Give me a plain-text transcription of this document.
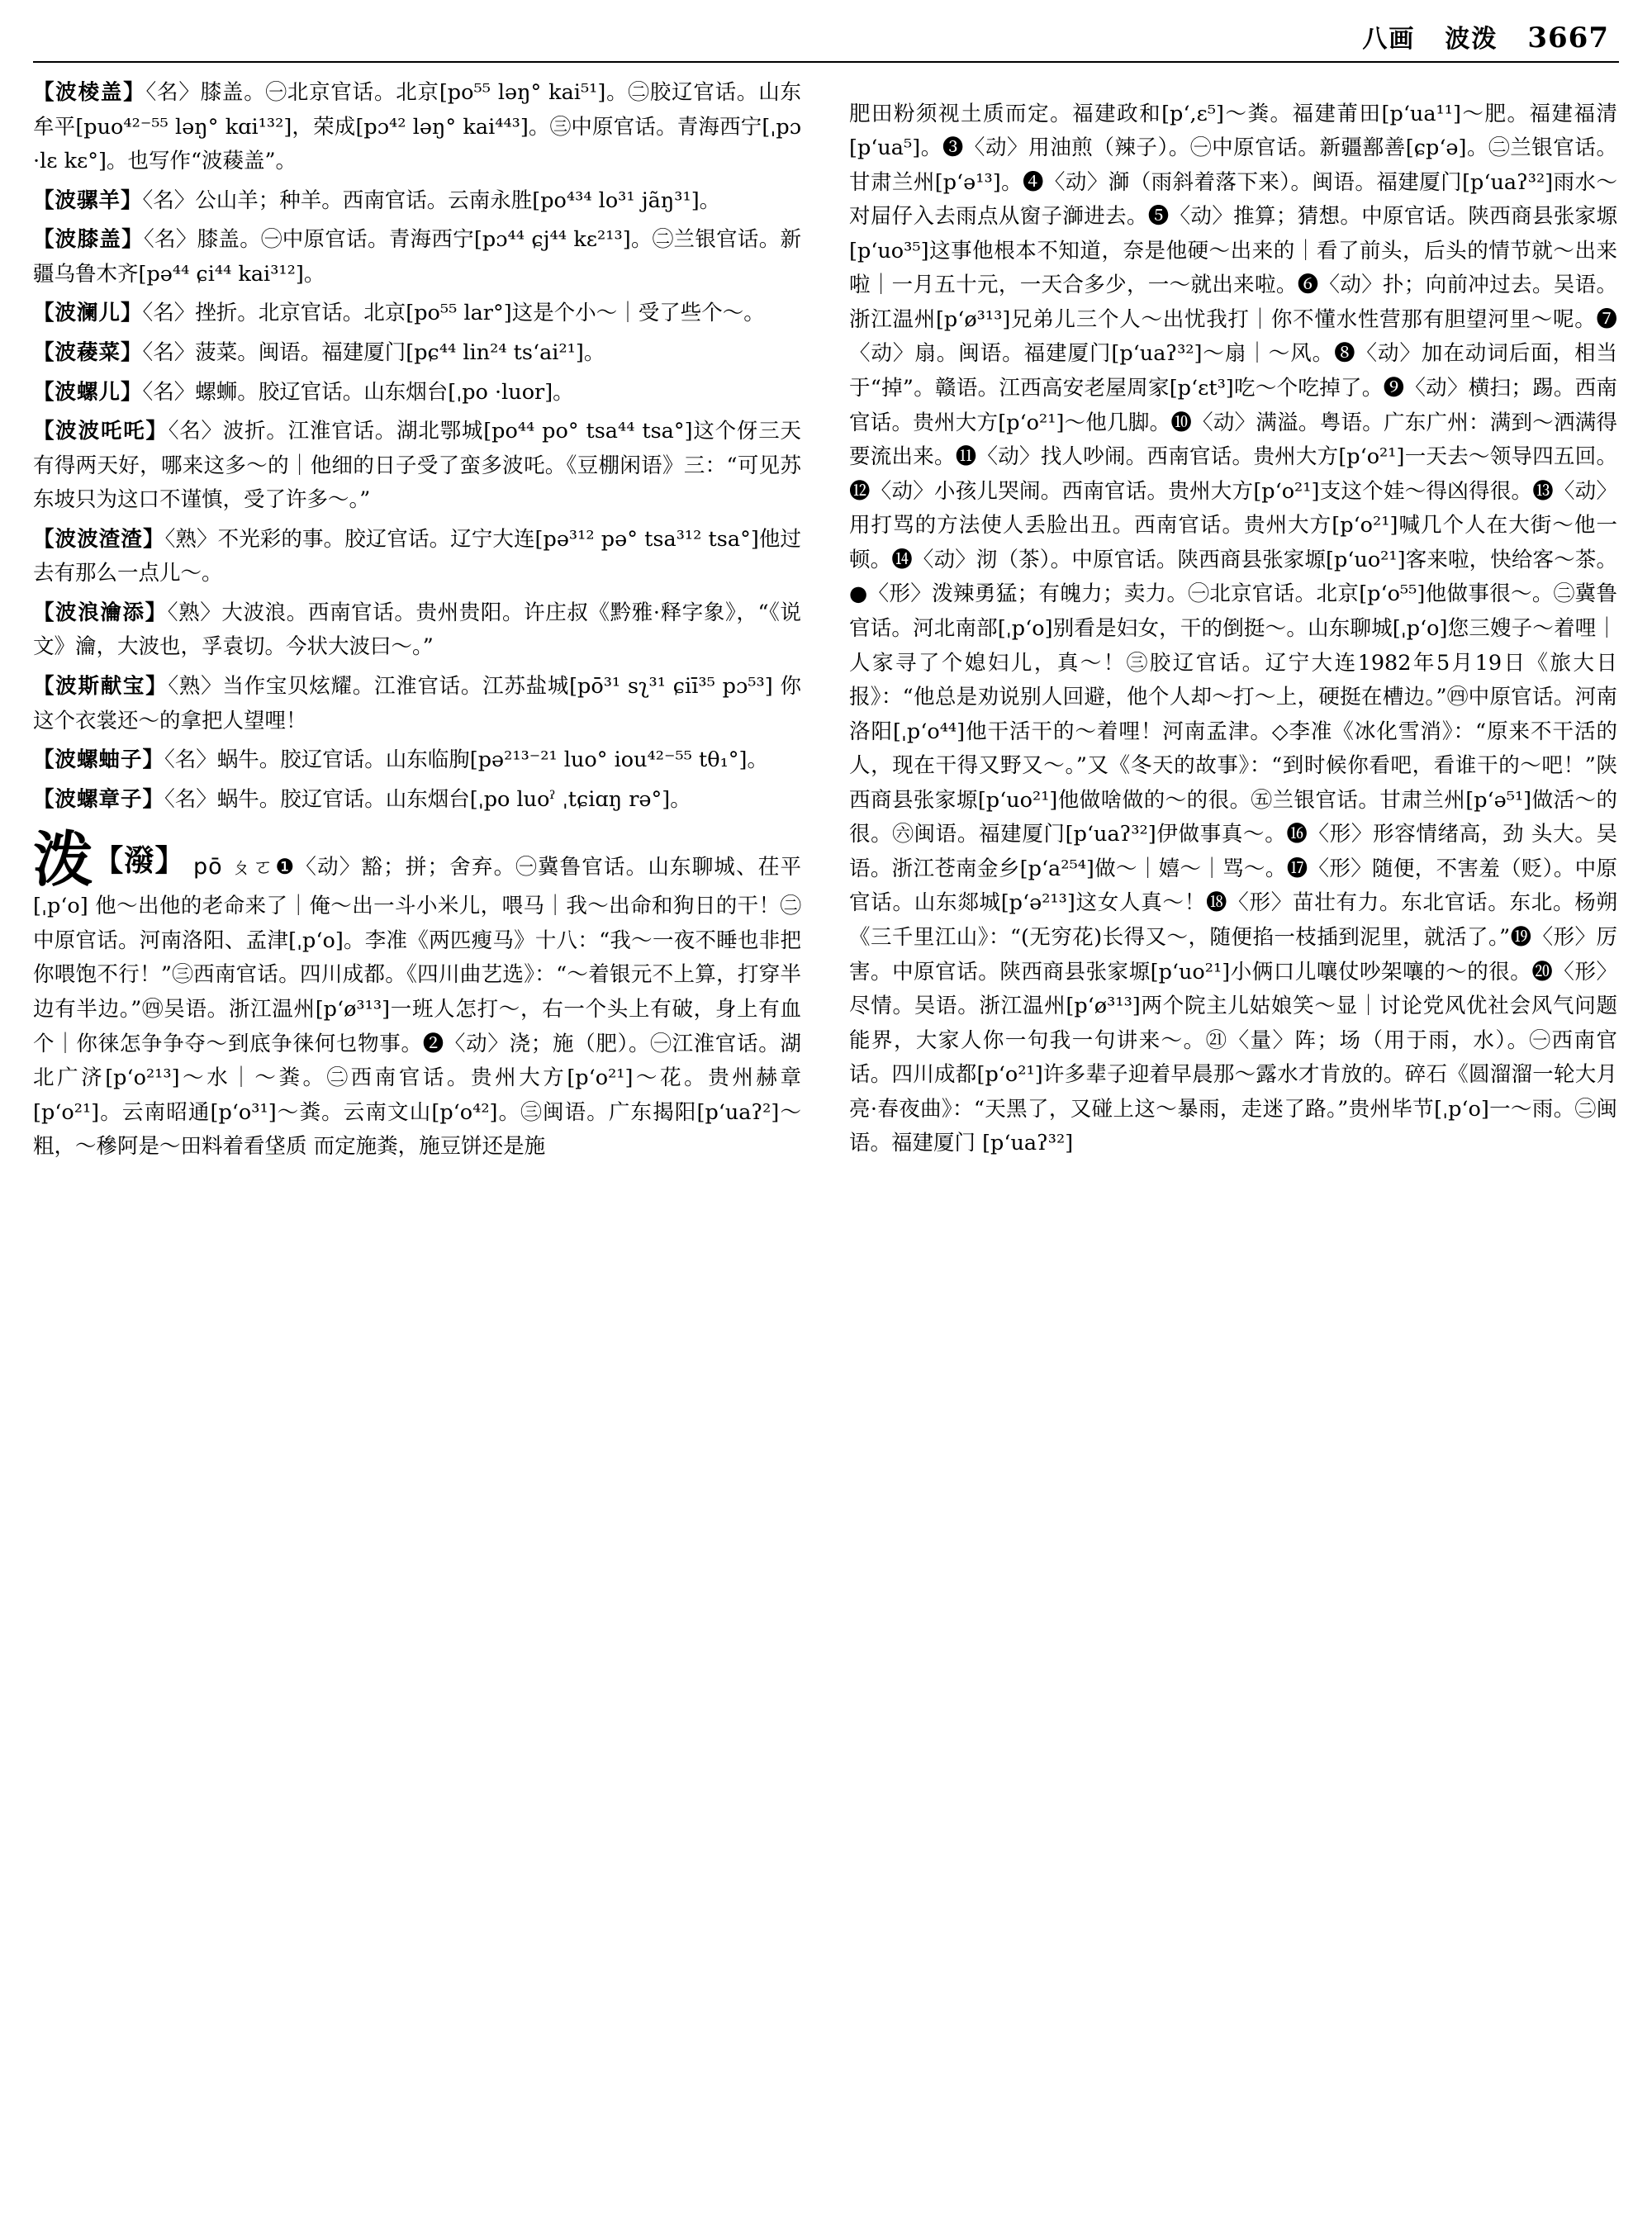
八画 波泼 3667

【波棱盖】〈名〉膝盖。㊀北京官话。北京[po⁵⁵ ləŋ° kai⁵¹]。㊁胶辽官话。山东牟平[puo⁴²⁻⁵⁵ ləŋ° kɑi¹³²]，荣成[pɔ⁴² ləŋ° kai⁴⁴³]。㊂中原官话。青海西宁[ˌpɔ ·lɛ kɛ°]。也写作“波薐盖”。

【波骡羊】〈名〉公山羊；种羊。西南官话。云南永胜[po⁴³⁴ lo³¹ jãŋ³¹]。

【波膝盖】〈名〉膝盖。㊀中原官话。青海西宁[pɔ⁴⁴ ɕj⁴⁴ kɛ²¹³]。㊁兰银官话。新疆乌鲁木齐[pə⁴⁴ ɕi⁴⁴ kai³¹²]。

【波澜儿】〈名〉挫折。北京官话。北京[po⁵⁵ lar°]这是个小～｜受了些个～。

【波薐菜】〈名〉菠菜。闽语。福建厦门[pɕ⁴⁴ lin²⁴ tsʻai²¹]。

【波螺儿】〈名〉螺蛳。胶辽官话。山东烟台[ˌpo ·luor]。

【波波吒吒】〈名〉波折。江淮官话。湖北鄂城[po⁴⁴ po° tsa⁴⁴ tsa°]这个伢三天有得两天好，哪来这多～的｜他细的日子受了蛮多波吒。《豆棚闲语》三：“可见苏东坡只为这口不谨慎，受了许多～。”

【波波渣渣】〈熟〉不光彩的事。胶辽官话。辽宁大连[pə³¹² pə° tsa³¹² tsa°]他过去有那么一点儿～。

【波浪瀹添】〈熟〉大波浪。西南官话。贵州贵阳。许庄叔《黔雅·释字象》，“《说文》瀹，大波也，孚袁切。今状大波曰～。”

【波斯献宝】〈熟〉当作宝贝炫耀。江淮官话。江苏盐城[pō³¹ sʅ³¹ ɕiī³⁵ pɔ⁵³] 你这个衣裳还～的拿把人望哩！

【波螺蚰子】〈名〉蜗牛。胶辽官话。山东临朐[pə²¹³⁻²¹ luo° iou⁴²⁻⁵⁵ tθ₁°]。

【波螺章子】〈名〉蜗牛。胶辽官话。山东烟台[ˌpo luoˀ ˌtɕiɑŋ rə°]。

泼【潑】 pō ㄆㄛ❶〈动〉豁；拼；舍弃。㊀冀鲁官话。山东聊城、茌平[ˌpʻo] 他～出他的老命来了｜俺～出一斗小米儿，喂马｜我～出命和狗日的干！㊁中原官话。河南洛阳、孟津[ˌpʻo]。李准《两匹瘦马》十八：“我～一夜不睡也非把你喂饱不行！”㊂西南官话。四川成都。《四川曲艺选》：“～着银元不上算，打穿半边有半边。”㊃吴语。浙江温州[pʻø³¹³]一班人怎打～，右一个头上有破，身上有血个｜你徕怎争争夺～到底争徕何乜物事。❷〈动〉浇；施（肥）。㊀江淮官话。湖北广济[pʻo²¹³]～水｜～粪。㊁西南官话。贵州大方[pʻo²¹]～花。贵州赫章[pʻo²¹]。云南昭通[pʻo³¹]～粪。云南文山[pʻo⁴²]。㊂闽语。广东揭阳[pʻuaʔ²]～粗，～穇阿是～田料着看垡质 而定施粪，施豆饼还是施

肥田粉须视土质而定。福建政和[pʻ,ɛ⁵]～粪。福建莆田[pʻua¹¹]～肥。福建福清[pʻua⁵]。❸〈动〉用油煎（辣子）。㊀中原官话。新疆鄯善[ɕpʻə]。㊁兰银官话。甘肃兰州[pʻə¹³]。❹〈动〉溮（雨斜着落下来）。闽语。福建厦门[pʻuaʔ³²]雨水～对屇仔入去雨点从窗子溮进去。❺〈动〉推算；猜想。中原官话。陕西商县张家塬[pʻuo³⁵]这事他根本不知道，奈是他硬～出来的｜看了前头，后头的情节就～出来啦｜一月五十元，一天合多少，一～就出来啦。❻〈动〉扑；向前冲过去。吴语。浙江温州[pʻø³¹³]兄弟儿三个人～出忧我打｜你不懂水性营那有胆望河里～呢。❼〈动〉扇。闽语。福建厦门[pʻuaʔ³²]～扇｜～风。❽〈动〉加在动词后面，相当于“掉”。赣语。江西高安老屋周家[pʻɛt³]吃～个吃掉了。❾〈动〉横扫；踢。西南官话。贵州大方[pʻo²¹]～他几脚。❿〈动〉满溢。粤语。广东广州：满到～洒满得要流出来。⓫〈动〉找人吵闹。西南官话。贵州大方[pʻo²¹]一天去～领导四五回。⓬〈动〉小孩儿哭闹。西南官话。贵州大方[pʻo²¹]支这个娃～得凶得很。⓭〈动〉用打骂的方法使人丢脸出丑。西南官话。贵州大方[pʻo²¹]喊几个人在大街～他一顿。⓮〈动〉沏（茶）。中原官话。陕西商县张家塬[pʻuo²¹]客来啦，快给客～茶。●〈形〉泼辣勇猛；有魄力；卖力。㊀北京官话。北京[pʻo⁵⁵]他做事很～。㊁冀鲁官话。河北南部[ˌpʻo]别看是妇女，干的倒挺～。山东聊城[ˌpʻo]您三嫂子～着哩｜人家寻了个媳妇儿，真～！㊂胶辽官话。辽宁大连1982年5月19日《旅大日报》：“他总是劝说别人回避，他个人却～打～上，硬挺在槽边。”㊃中原官话。河南洛阳[ˌpʻo⁴⁴]他干活干的～着哩！河南孟津。◇李准《冰化雪消》：“原来不干活的人，现在干得又野又～。”又《冬天的故事》：“到时候你看吧，看谁干的～吧！”陕西商县张家塬[pʻuo²¹]他做啥做的～的很。㊄兰银官话。甘肃兰州[pʻə⁵¹]做活～的很。㊅闽语。福建厦门[pʻuaʔ³²]伊做事真～。⓰〈形〉形容情绪高，劲 头大。吴语。浙江苍南金乡[pʻa²⁵⁴]做～｜嬉～｜骂～。⓱〈形〉随便，不害羞（贬）。中原官话。山东郯城[pʻə²¹³]这女人真～！⓲〈形〉苗壮有力。东北官话。东北。杨朔《三千里江山》：“(无穷花)长得又～，随便掐一枝插到泥里，就活了。”⓳〈形〉厉害。中原官话。陕西商县张家塬[pʻuo²¹]小俩口儿嚷仗吵架嚷的～的很。⓴〈形〉尽情。吴语。浙江温州[pʻø³¹³]两个院主儿姑娘笑～显｜讨论党风优社会风气问题能界，大家人你一句我一句讲来～。㉑〈量〉阵；场（用于雨，水）。㊀西南官话。四川成都[pʻo²¹]许多辈子迎着早晨那～露水才肯放的。碎石《圆溜溜一轮大月亮·春夜曲》：“天黑了，又碰上这～暴雨，走迷了路。”贵州毕节[ˌpʻo]一～雨。㊁闽语。福建厦门 [pʻuaʔ³²]
